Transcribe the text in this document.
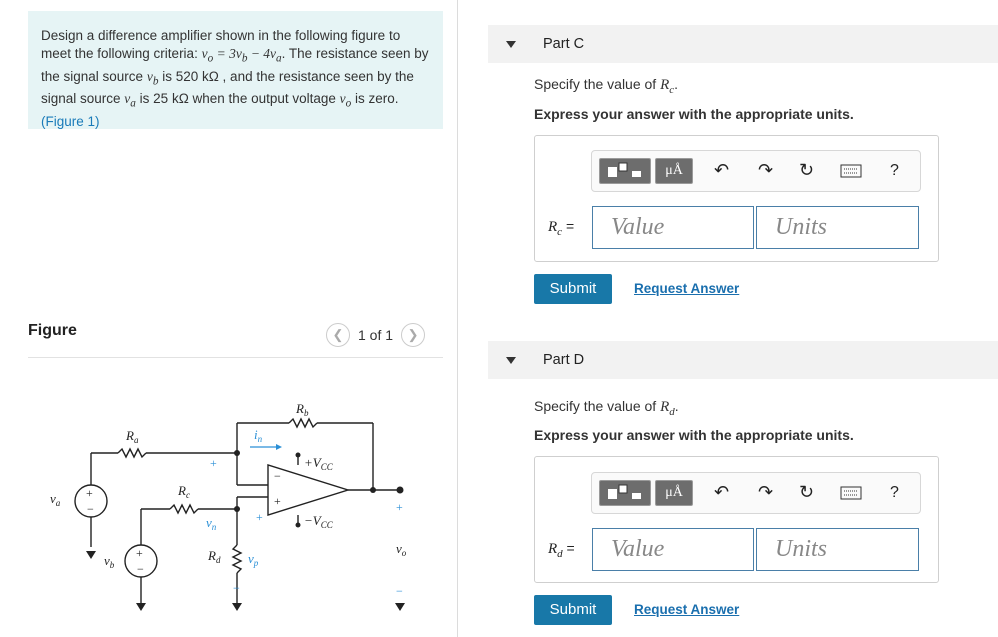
Design a difference amplifier shown in the following figure to meet the following criteria: $v_o = 3v_b - 4v_a$. The resistance seen by the signal source $v_b$ is 520 kΩ , and the resistance seen by the signal source $v_a$ is 25 kΩ when the output voltage $v_o$ is zero.(Figure 1)
Figure	❮ 1 of 1 ❯
+
−
+
−
−
+
+
+
+
−
−
$R_b$
$R_a$
$R_c$
$R_d$
$+V_{CC}$
$-V_{CC}$
$v_a$
$v_b$
$v_o$
$i_n$
$v_n$
$v_p$
Part C
Specify the value of $R_c$.
Express your answer with the appropriate units.
μÅ	↶ ↷ ↻	?
$R_c$ =	Value	Units
Submit	Request Answer
Part D
Specify the value of $R_d$.
Express your answer with the appropriate units.
μÅ	↶ ↷ ↻	?
$R_d$ =	Value	Units
Submit	Request Answer
